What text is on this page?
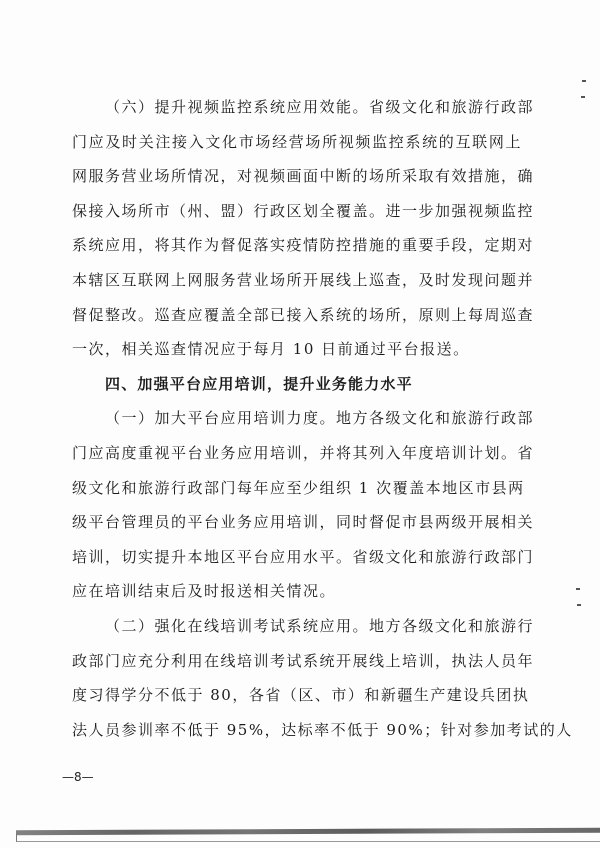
（六）提升视频监控系统应用效能。省级文化和旅游行政部
门应及时关注接入文化市场经营场所视频监控系统的互联网上
网服务营业场所情况，对视频画面中断的场所采取有效措施，确
保接入场所市（州、盟）行政区划全覆盖。进一步加强视频监控
系统应用，将其作为督促落实疫情防控措施的重要手段，定期对
本辖区互联网上网服务营业场所开展线上巡查，及时发现问题并
督促整改。巡查应覆盖全部已接入系统的场所，原则上每周巡查
一次，相关巡查情况应于每月 10 日前通过平台报送。
四、加强平台应用培训，提升业务能力水平
（一）加大平台应用培训力度。地方各级文化和旅游行政部
门应高度重视平台业务应用培训，并将其列入年度培训计划。省
级文化和旅游行政部门每年应至少组织 1 次覆盖本地区市县两
级平台管理员的平台业务应用培训，同时督促市县两级开展相关
培训，切实提升本地区平台应用水平。省级文化和旅游行政部门
应在培训结束后及时报送相关情况。
（二）强化在线培训考试系统应用。地方各级文化和旅游行
政部门应充分利用在线培训考试系统开展线上培训，执法人员年
度习得学分不低于 80，各省（区、市）和新疆生产建设兵团执
法人员参训率不低于 95%，达标率不低于 90%；针对参加考试的人
—8—
